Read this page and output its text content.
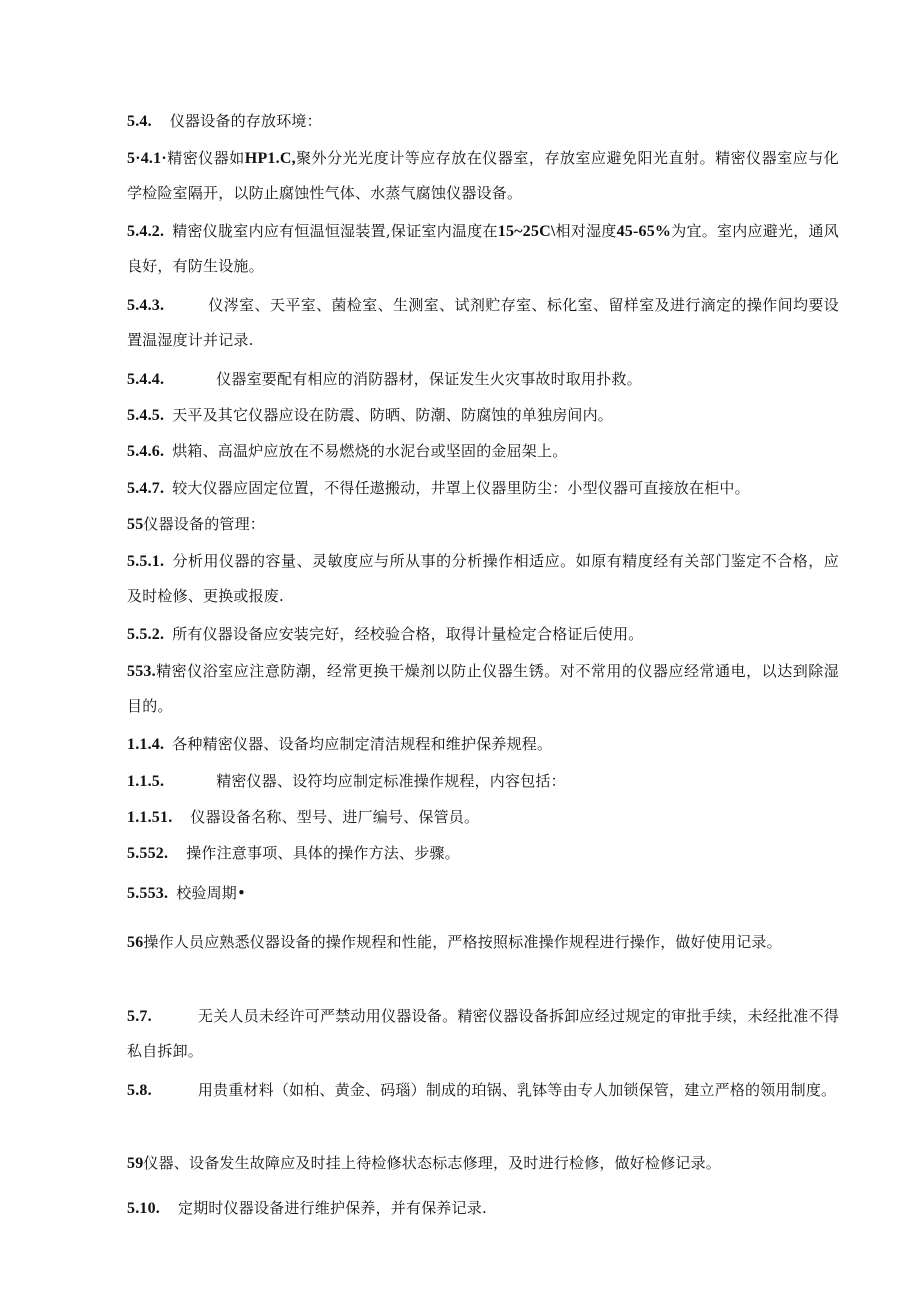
5.4. 仪器设备的存放环境：
5·4.1·精密仪器如HP1.C,聚外分光光度计等应存放在仪器室，存放室应避免阳光直射。精密仪器室应与化学检险室隔开，以防止腐蚀性气体、水蒸气腐蚀仪器设备。
5.4.2. 精密仪胧室内应有恒温恒湿装置,保证室内温度在15~25C\相对湿度45-65%为宜。室内应避光，通风良好，有防生设施。
5.4.3.	仪涔室、天平室、菌检室、生测室、试剂贮存室、标化室、留样室及进行滴定的操作间均要设置温湿度计并记录.
5.4.4.	仪器室要配有相应的消防器材，保证发生火灾事故时取用扑救。
5.4.5. 天平及其它仪器应设在防震、防晒、防潮、防腐蚀的单独房间内。
5.4.6. 烘箱、高温炉应放在不易燃烧的水泥台或坚固的金屈架上。
5.4.7. 较大仪器应固定位置，不得任遨搬动，井罩上仪器里防尘：小型仪器可直接放在柜中。
55仪器设备的管理：
5.5.1. 分析用仪器的容量、灵敏度应与所从事的分析操作相适应。如原有精度经有关部门鉴定不合格，应及时检修、更换或报废.
5.5.2. 所有仪器设备应安装完好，经校验合格，取得计量检定合格证后使用。
553.精密仪浴室应注意防潮，经常更换干燥剂以防止仪器生锈。对不常用的仪器应经常通电，以达到除湿目的。
1.1.4. 各种精密仪器、设备均应制定清洁规程和维护保养规程。
1.1.5.	精密仪器、设符均应制定标准操作规程，内容包括：
1.1.51. 仪器设备名称、型号、进厂编号、保管员。
5.552. 操作注意事项、具体的操作方法、步骤。
5.553. 校验周期•
56操作人员应熟悉仪器设备的操作规程和性能，严格按照标准操作规程进行操作，做好使用记录。
5.7.	无关人员未经许可严禁动用仪器设备。精密仪器设备拆卸应经过规定的审批手续，未经批准不得私自拆卸。
5.8.	用贵重材料（如柏、黄金、码瑙）制成的珀锅、乳钵等由专人加锁保管，建立严格的领用制度。
59仪器、设备发生故障应及时挂上待检修状态标志修理，及时进行检修，做好检修记录。
5.10. 定期时仪器设备进行维护保养，并有保养记录.
